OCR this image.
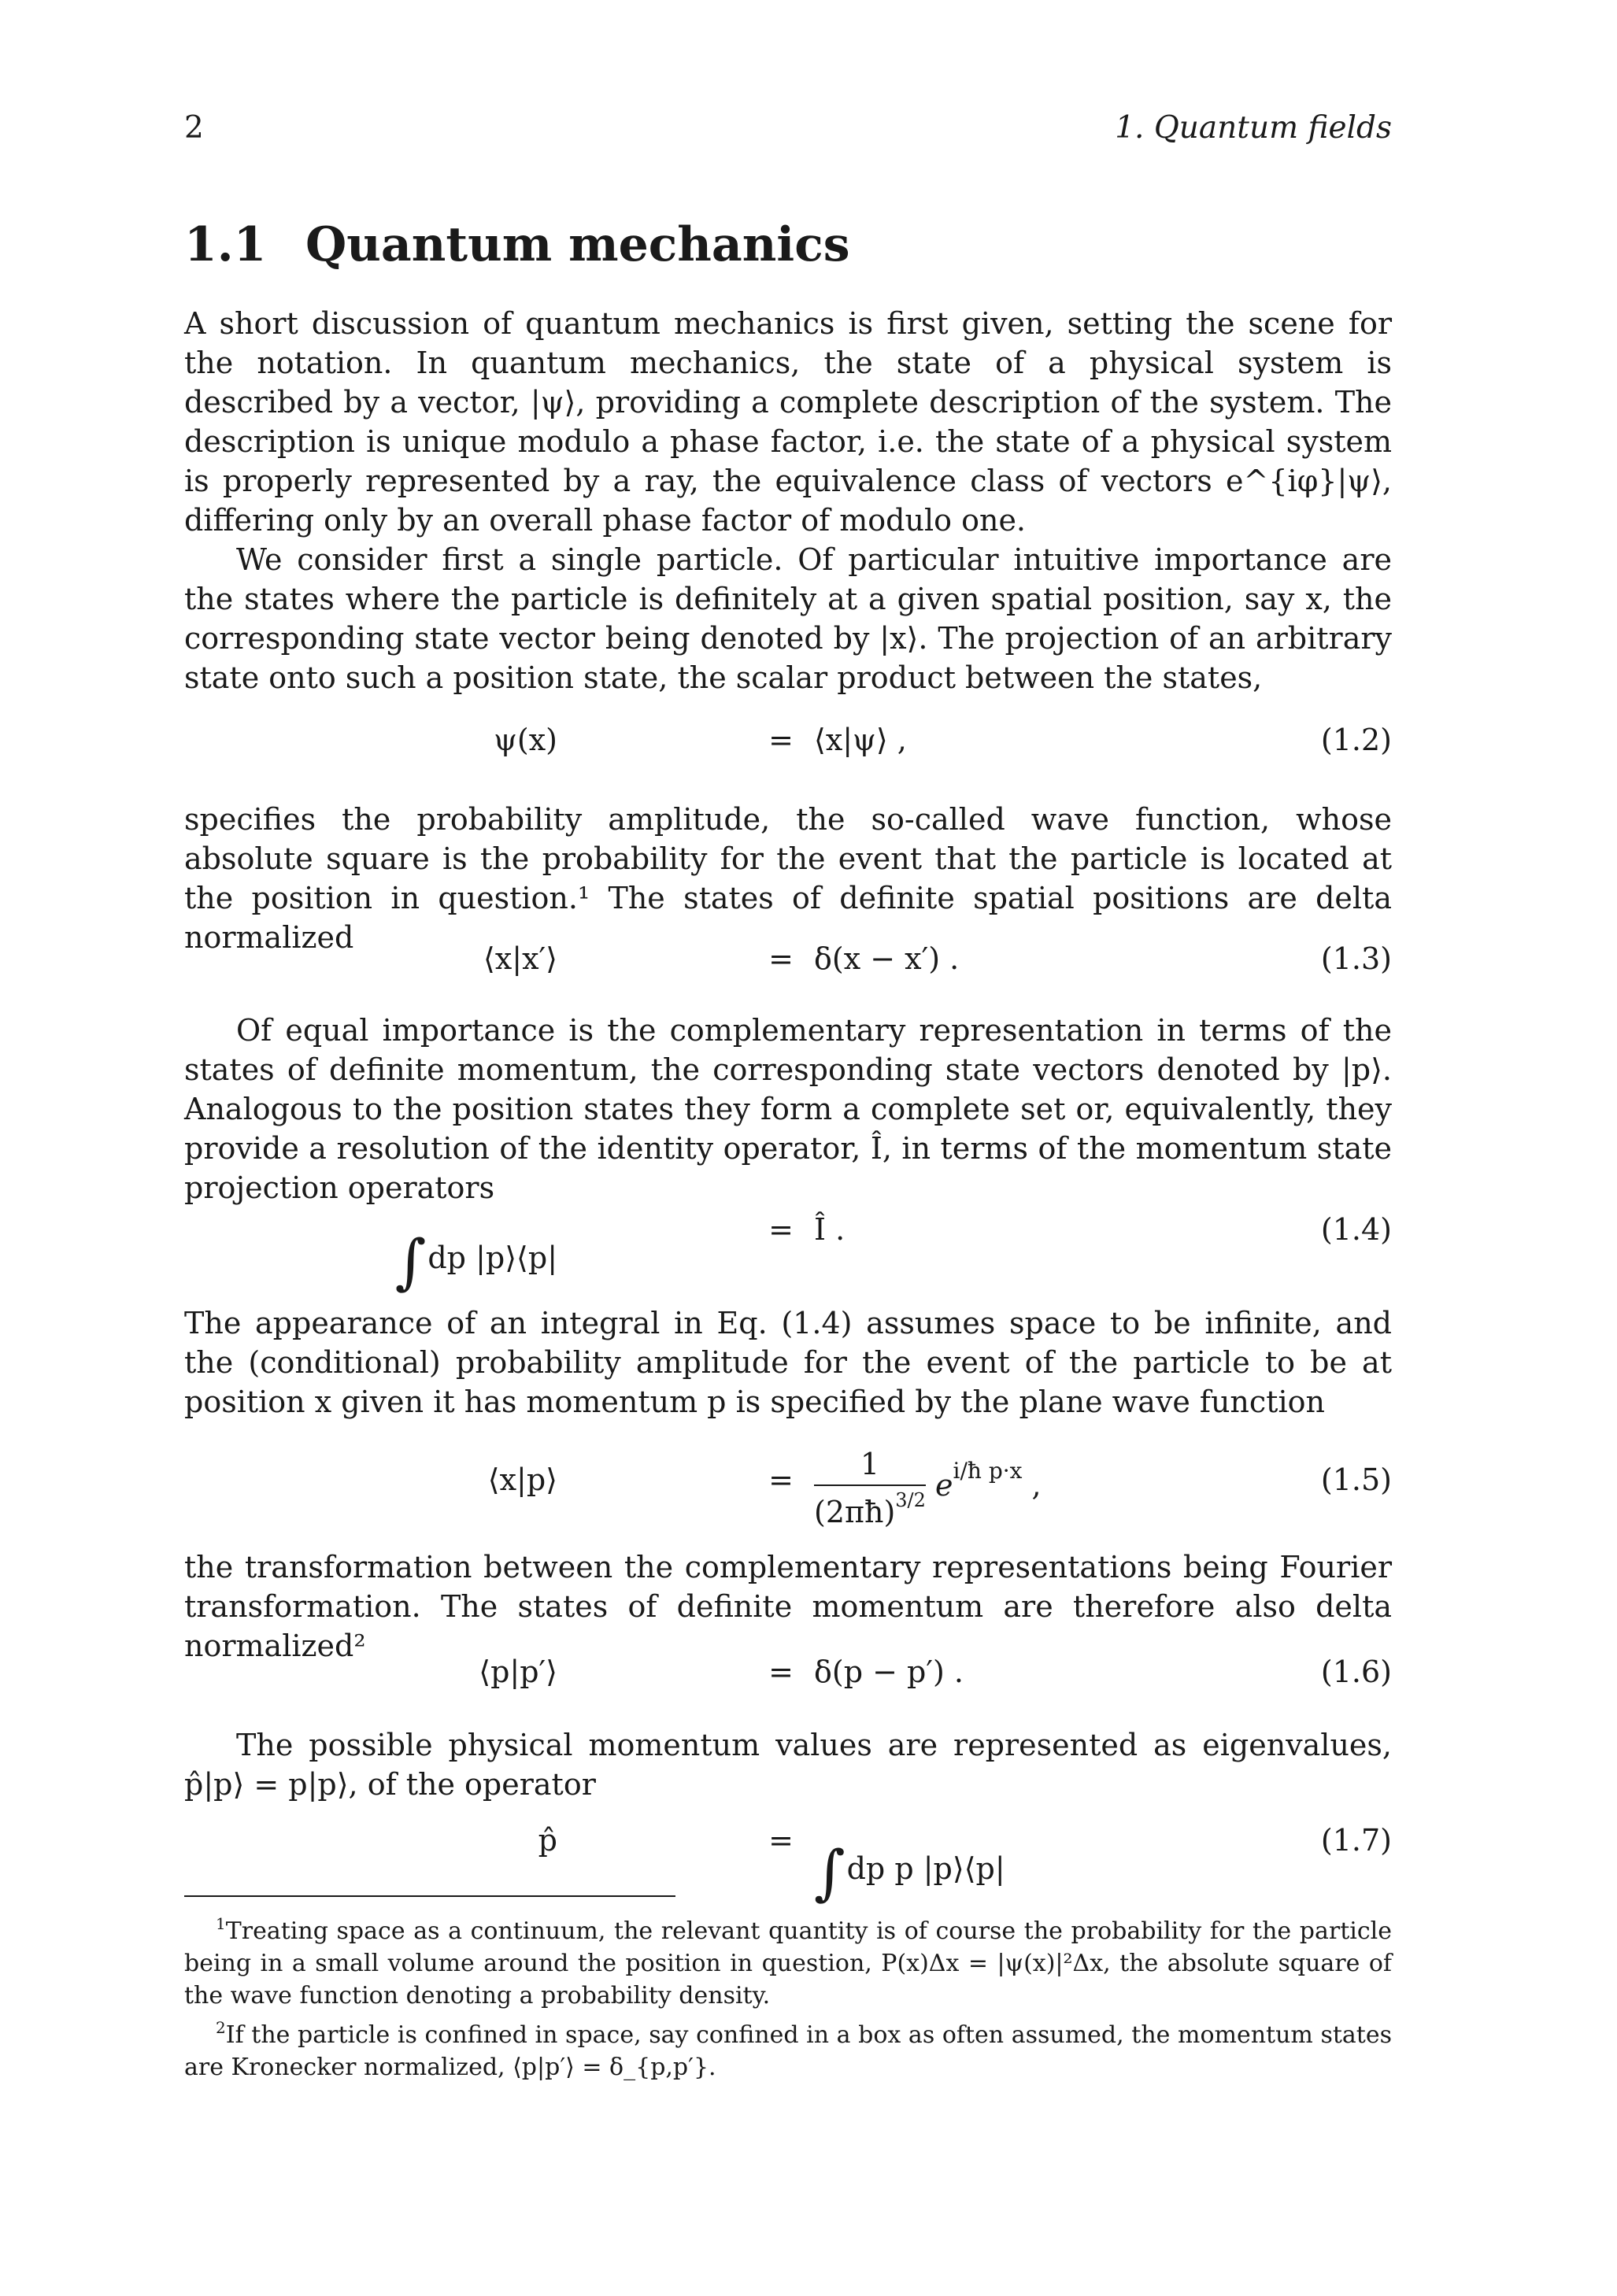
2	1. Quantum fields
1.1 Quantum mechanics

A short discussion of quantum mechanics is first given, setting the scene for the notation. In quantum mechanics, the state of a physical system is described by a vector, |ψ⟩, providing a complete description of the system. The description is unique modulo a phase factor, i.e. the state of a physical system is properly represented by a ray, the equivalence class of vectors e^{iφ}|ψ⟩, differing only by an overall phase factor of modulo one.

We consider first a single particle. Of particular intuitive importance are the states where the particle is definitely at a given spatial position, say x, the corresponding state vector being denoted by |x⟩. The projection of an arbitrary state onto such a position state, the scalar product between the states,

ψ(x)	= ⟨x|ψ⟩ ,	(1.2)

specifies the probability amplitude, the so-called wave function, whose absolute square is the probability for the event that the particle is located at the position in question.¹ The states of definite spatial positions are delta normalized

⟨x|x′⟩	= δ(x − x′) .	(1.3)

Of equal importance is the complementary representation in terms of the states of definite momentum, the corresponding state vectors denoted by |p⟩. Analogous to the position states they form a complete set or, equivalently, they provide a resolution of the identity operator, Î, in terms of the momentum state projection operators

∫dp |p⟩⟨p|
= Î .	(1.4)

The appearance of an integral in Eq. (1.4) assumes space to be infinite, and the (conditional) probability amplitude for the event of the particle to be at position x given it has momentum p is specified by the plane wave function

⟨x|p⟩	= $\frac{1}{(2\pi ħ)^{3/2}} e^{i/ħ p\cdot x}$ ,	(1.5)

the transformation between the complementary representations being Fourier transformation. The states of definite momentum are therefore also delta normalized²

⟨p|p′⟩	= δ(p − p′) .	(1.6)

The possible physical momentum values are represented as eigenvalues, p̂|p⟩ = p|p⟩, of the operator

p̂	= ∫dp p |p⟩⟨p|
(1.7)

$^1$Treating space as a continuum, the relevant quantity is of course the probability for the particle being in a small volume around the position in question, P(x)Δx = |ψ(x)|²Δx, the absolute square of the wave function denoting a probability density.

$^2$If the particle is confined in space, say confined in a box as often assumed, the momentum states are Kronecker normalized, ⟨p|p′⟩ = δ_{p,p′}.
